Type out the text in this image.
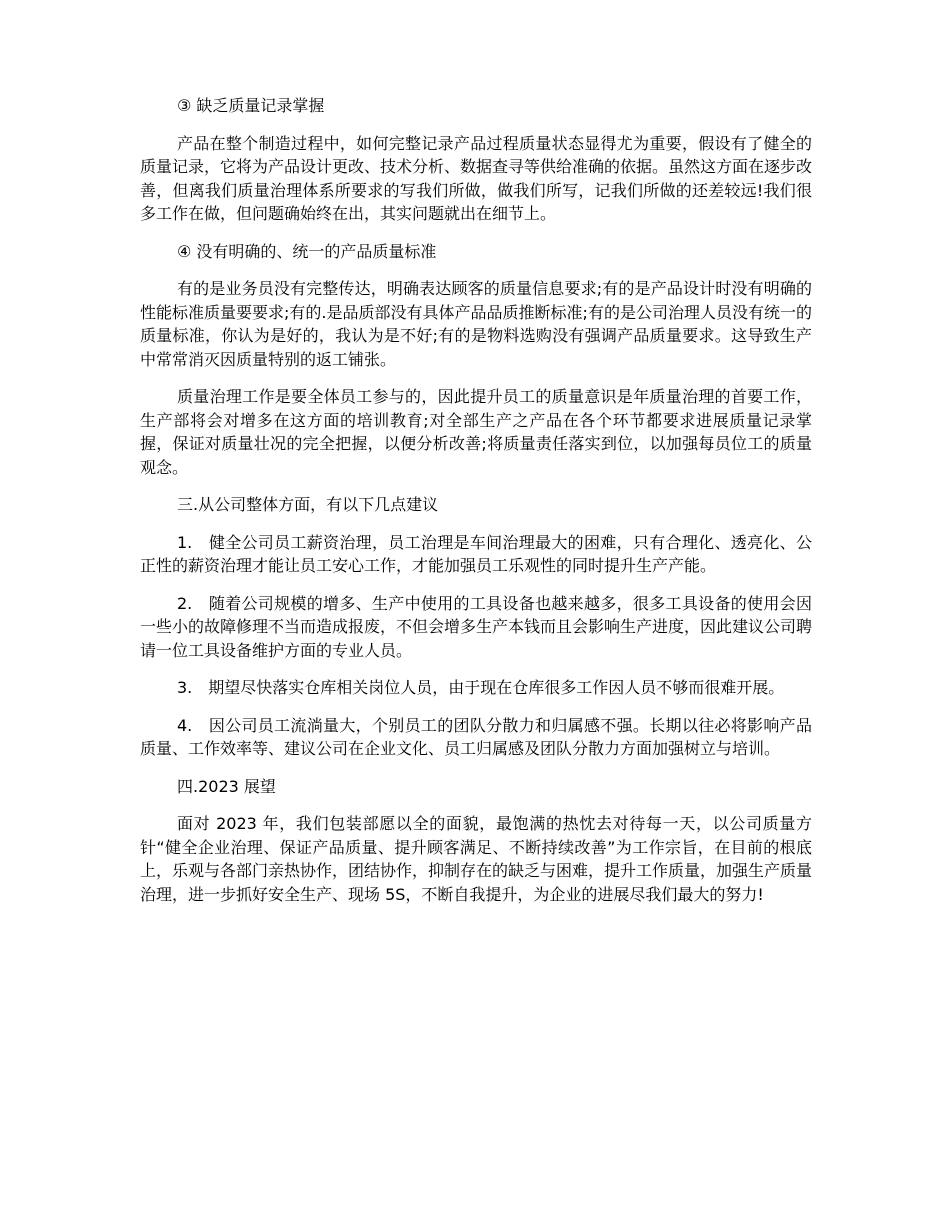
③ 缺乏质量记录掌握

产品在整个制造过程中，如何完整记录产品过程质量状态显得尤为重要，假设有了健全的质量记录，它将为产品设计更改、技术分析、数据查寻等供给准确的依据。虽然这方面在逐步改善，但离我们质量治理体系所要求的写我们所做，做我们所写，记我们所做的还差较远!我们很多工作在做，但问题确始终在出，其实问题就出在细节上。

④ 没有明确的、统一的产品质量标准

有的是业务员没有完整传达，明确表达顾客的质量信息要求;有的是产品设计时没有明确的性能标准质量要要求;有的.是品质部没有具体产品品质推断标准;有的是公司治理人员没有统一的质量标准，你认为是好的，我认为是不好;有的是物料选购没有强调产品质量要求。这导致生产中常常消灭因质量特别的返工铺张。

质量治理工作是要全体员工参与的，因此提升员工的质量意识是年质量治理的首要工作，生产部将会对增多在这方面的培训教育;对全部生产之产品在各个环节都要求进展质量记录掌握，保证对质量壮况的完全把握，以便分析改善;将质量责任落实到位，以加强每员位工的质量观念。

三.从公司整体方面，有以下几点建议

1.　健全公司员工薪资治理，员工治理是车间治理最大的困难，只有合理化、透亮化、公正性的薪资治理才能让员工安心工作，才能加强员工乐观性的同时提升生产产能。

2.　随着公司规模的增多、生产中使用的工具设备也越来越多，很多工具设备的使用会因一些小的故障修理不当而造成报废，不但会增多生产本钱而且会影响生产进度，因此建议公司聘请一位工具设备维护方面的专业人员。

3.　期望尽快落实仓库相关岗位人员，由于现在仓库很多工作因人员不够而很难开展。

4.　因公司员工流淌量大，个别员工的团队分散力和归属感不强。长期以往必将影响产品质量、工作效率等、建议公司在企业文化、员工归属感及团队分散力方面加强树立与培训。

四.2023 展望

面对 2023 年，我们包装部愿以全的面貌，最饱满的热忱去对待每一天，以公司质量方针“健全企业治理、保证产品质量、提升顾客满足、不断持续改善”为工作宗旨，在目前的根底上，乐观与各部门亲热协作，团结协作，抑制存在的缺乏与困难，提升工作质量，加强生产质量治理，进一步抓好安全生产、现场 5S，不断自我提升，为企业的进展尽我们最大的努力!
